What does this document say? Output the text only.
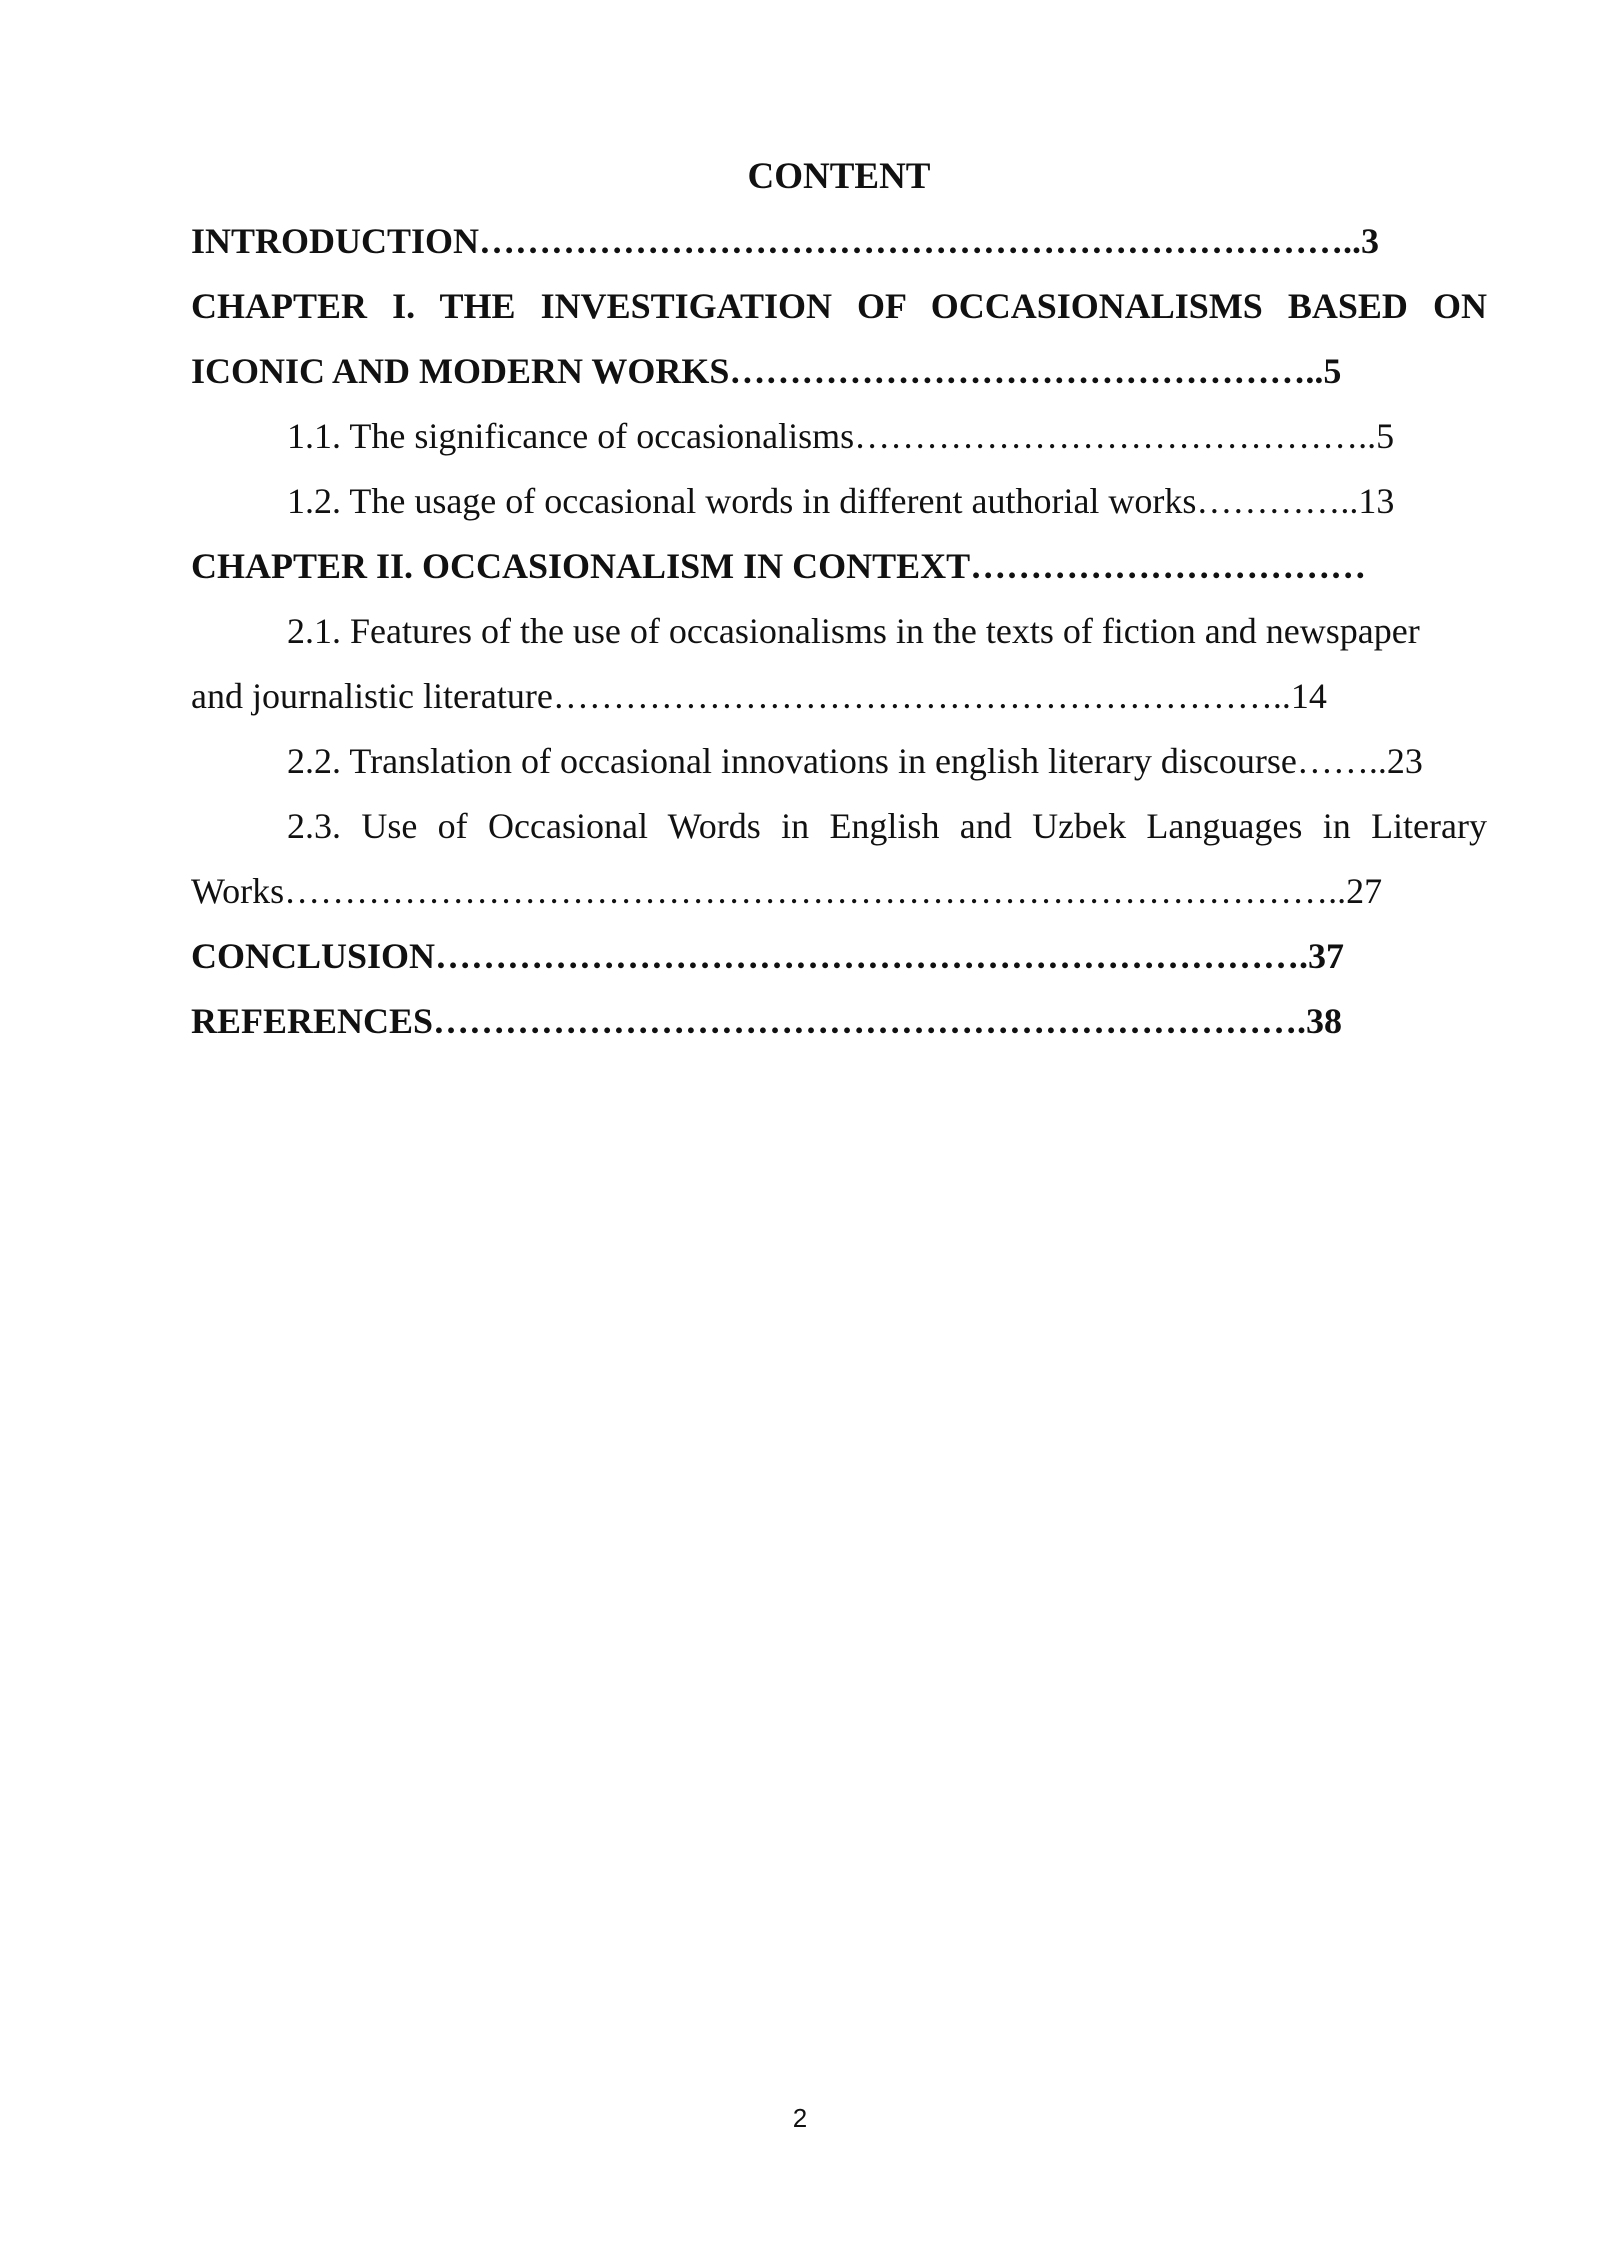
CONTENT
INTRODUCTION………………………………………………………………..3
CHAPTER I. THE INVESTIGATION OF OCCASIONALISMS BASED ON
ICONIC AND MODERN WORKS…………………………………………..5
1.1. The significance of occasionalisms……………………………………..5
1.2. The usage of occasional words in different authorial works…………..13
CHAPTER II. OCCASIONALISM IN CONTEXT……………………………
2.1. Features of the use of occasionalisms in the texts of fiction and newspaper
and journalistic literature……………………………………………………..14
2.2. Translation of occasional innovations in english literary discourse……..23
2.3. Use of Occasional Words in English and Uzbek Languages in Literary
Works……………………………………………………………………………..27
CONCLUSION……………………………………………………………….37
REFERENCES……………………………………………………………….38
2
